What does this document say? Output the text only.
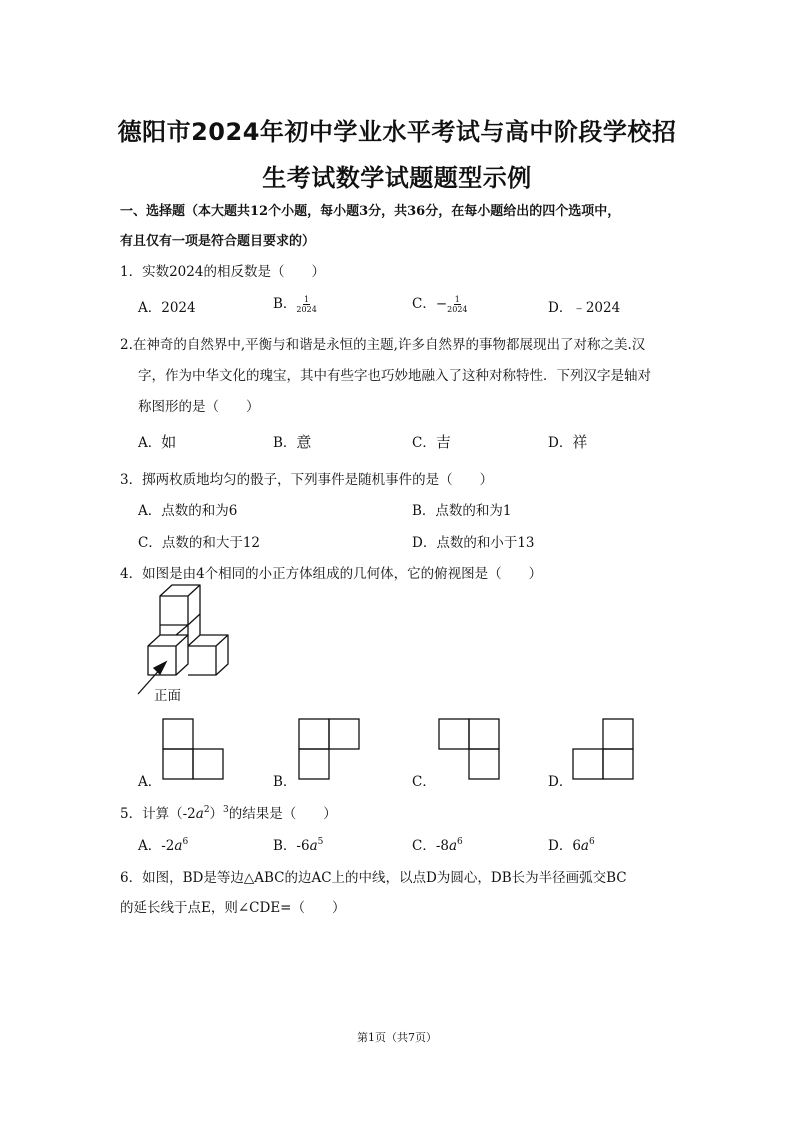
德阳市2024年初中学业水平考试与高中阶段学校招
生考试数学试题题型示例
一、选择题（本大题共12个小题，每小题3分，共36分，在每小题给出的四个选项中，
有且仅有一项是符合题目要求的）
1．实数2024的相反数是（　　）
A．2024	B． $\frac{1}{2024}$	C．− $\frac{1}{2024}$	D．﹣2024
2.在神奇的自然界中,平衡与和谐是永恒的主题,许多自然界的事物都展现出了对称之美.汉
字，作为中华文化的瑰宝，其中有些字也巧妙地融入了这种对称特性．下列汉字是轴对
称图形的是（　　）
A．如	B．意	C．吉	D．祥
3．掷两枚质地均匀的骰子，下列事件是随机事件的是（　　）
A．点数的和为6	B．点数的和为1
C．点数的和大于12	D．点数的和小于13
4．如图是由4个相同的小正方体组成的几何体，它的俯视图是（　　）
正面
A．	B．	C．	D．
5．计算$(-2a^2)^3$的结果是（　　）
A．$-2a^6$	B．$-6a^5$	C．$-8a^6$	D．$6a^6$
6．如图，BD是等边△ABC的边AC上的中线，以点D为圆心，DB长为半径画弧交BC
的延长线于点E，则∠CDE=（　　）
第1页（共7页）
